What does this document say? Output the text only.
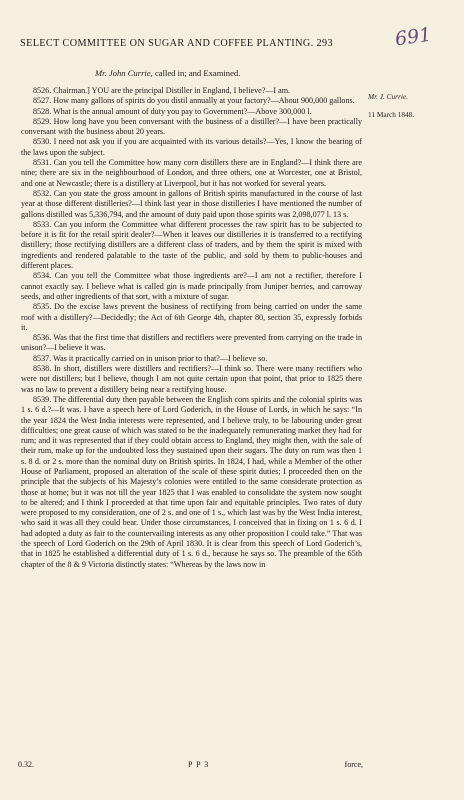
SELECT COMMITTEE ON SUGAR AND COFFEE PLANTING. 293	691
Mr. John Currie, called in; and Examined.
Mr. J. Currie.
11 March 1848.

8526. Chairman.] YOU are the principal Distiller in England, I believe?—I am.

8527. How many gallons of spirits do you distil annually at your factory?—About 900,000 gallons.

8528. What is the annual amount of duty you pay to Government?—Above 300,000 l.

8529. How long have you been conversant with the business of a distiller?—I have been practically conversant with the business about 20 years.

8530. I need not ask you if you are acquainted with its various details?—Yes, I know the bearing of the laws upon the subject.

8531. Can you tell the Committee how many corn distillers there are in England?—I think there are nine; there are six in the neighbourhood of London, and three others, one at Worcester, one at Bristol, and one at Newcastle; there is a distillery at Liverpool, but it has not worked for several years.

8532. Can you state the gross amount in gallons of British spirits manufactured in the course of last year at those different distilleries?—I think last year in those distilleries I have mentioned the number of gallons distilled was 5,336,794, and the amount of duty paid upon those spirits was 2,098,077 l. 13 s.

8533. Can you inform the Committee what different processes the raw spirit has to be subjected to before it is fit for the retail spirit dealer?—When it leaves our distilleries it is transferred to a rectifying distillery; those rectifying distillers are a different class of traders, and by them the spirit is mixed with ingredients and rendered palatable to the taste of the public, and sold by them to public-houses and different places.

8534. Can you tell the Committee what those ingredients are?—I am not a rectifier, therefore I cannot exactly say. I believe what is called gin is made principally from Juniper berries, and carroway seeds, and other ingredients of that sort, with a mixture of sugar.

8535. Do the excise laws prevent the business of rectifying from being carried on under the same roof with a distillery?—Decidedly; the Act of 6th George 4th, chapter 80, section 35, expressly forbids it.

8536. Was that the first time that distillers and rectifiers were prevented from carrying on the trade in unison?—I believe it was.

8537. Was it practically carried on in unison prior to that?—I believe so.

8538. In short, distillers were distillers and rectifiers?—I think so. There were many rectifiers who were not distillers; but I believe, though I am not quite certain upon that point, that prior to 1825 there was no law to prevent a distillery being near a rectifying house.

8539. The differential duty then payable between the English corn spirits and the colonial spirits was 1 s. 6 d.?—It was. I have a speech here of Lord Goderich, in the House of Lords, in which he says: “In the year 1824 the West India interests were represented, and I believe truly, to be labouring under great difficulties; one great cause of which was stated to be the inadequately remunerating market they had for rum; and it was represented that if they could obtain access to England, they might then, with the sale of their rum, make up for the undoubted loss they sustained upon their sugars. The duty on rum was then 1 s. 8 d. or 2 s. more than the nominal duty on British spirits. In 1824, I had, while a Member of the other House of Parliament, proposed an alteration of the scale of these spirit duties; I proceeded then on the principle that the subjects of his Majesty’s colonies were entitled to the same considerate protection as those at home; but it was not till the year 1825 that I was enabled to consolidate the system now sought to be altered; and I think I proceeded at that time upon fair and equitable principles. Two rates of duty were proposed to my consideration, one of 2 s. and one of 1 s., which last was by the West India interest, who said it was all they could bear. Under those circumstances, I conceived that in fixing on 1 s. 6 d. I had adopted a duty as fair to the countervailing interests as any other proposition I could take.” That was the speech of Lord Goderich on the 29th of April 1830. It is clear from this speech of Lord Goderich’s, that in 1825 he established a differential duty of 1 s. 6 d., because he says so. The preamble of the 65th chapter of the 8 & 9 Victoria distinctly states: “Whereas by the laws now in

0.32.	P P 3	force,
